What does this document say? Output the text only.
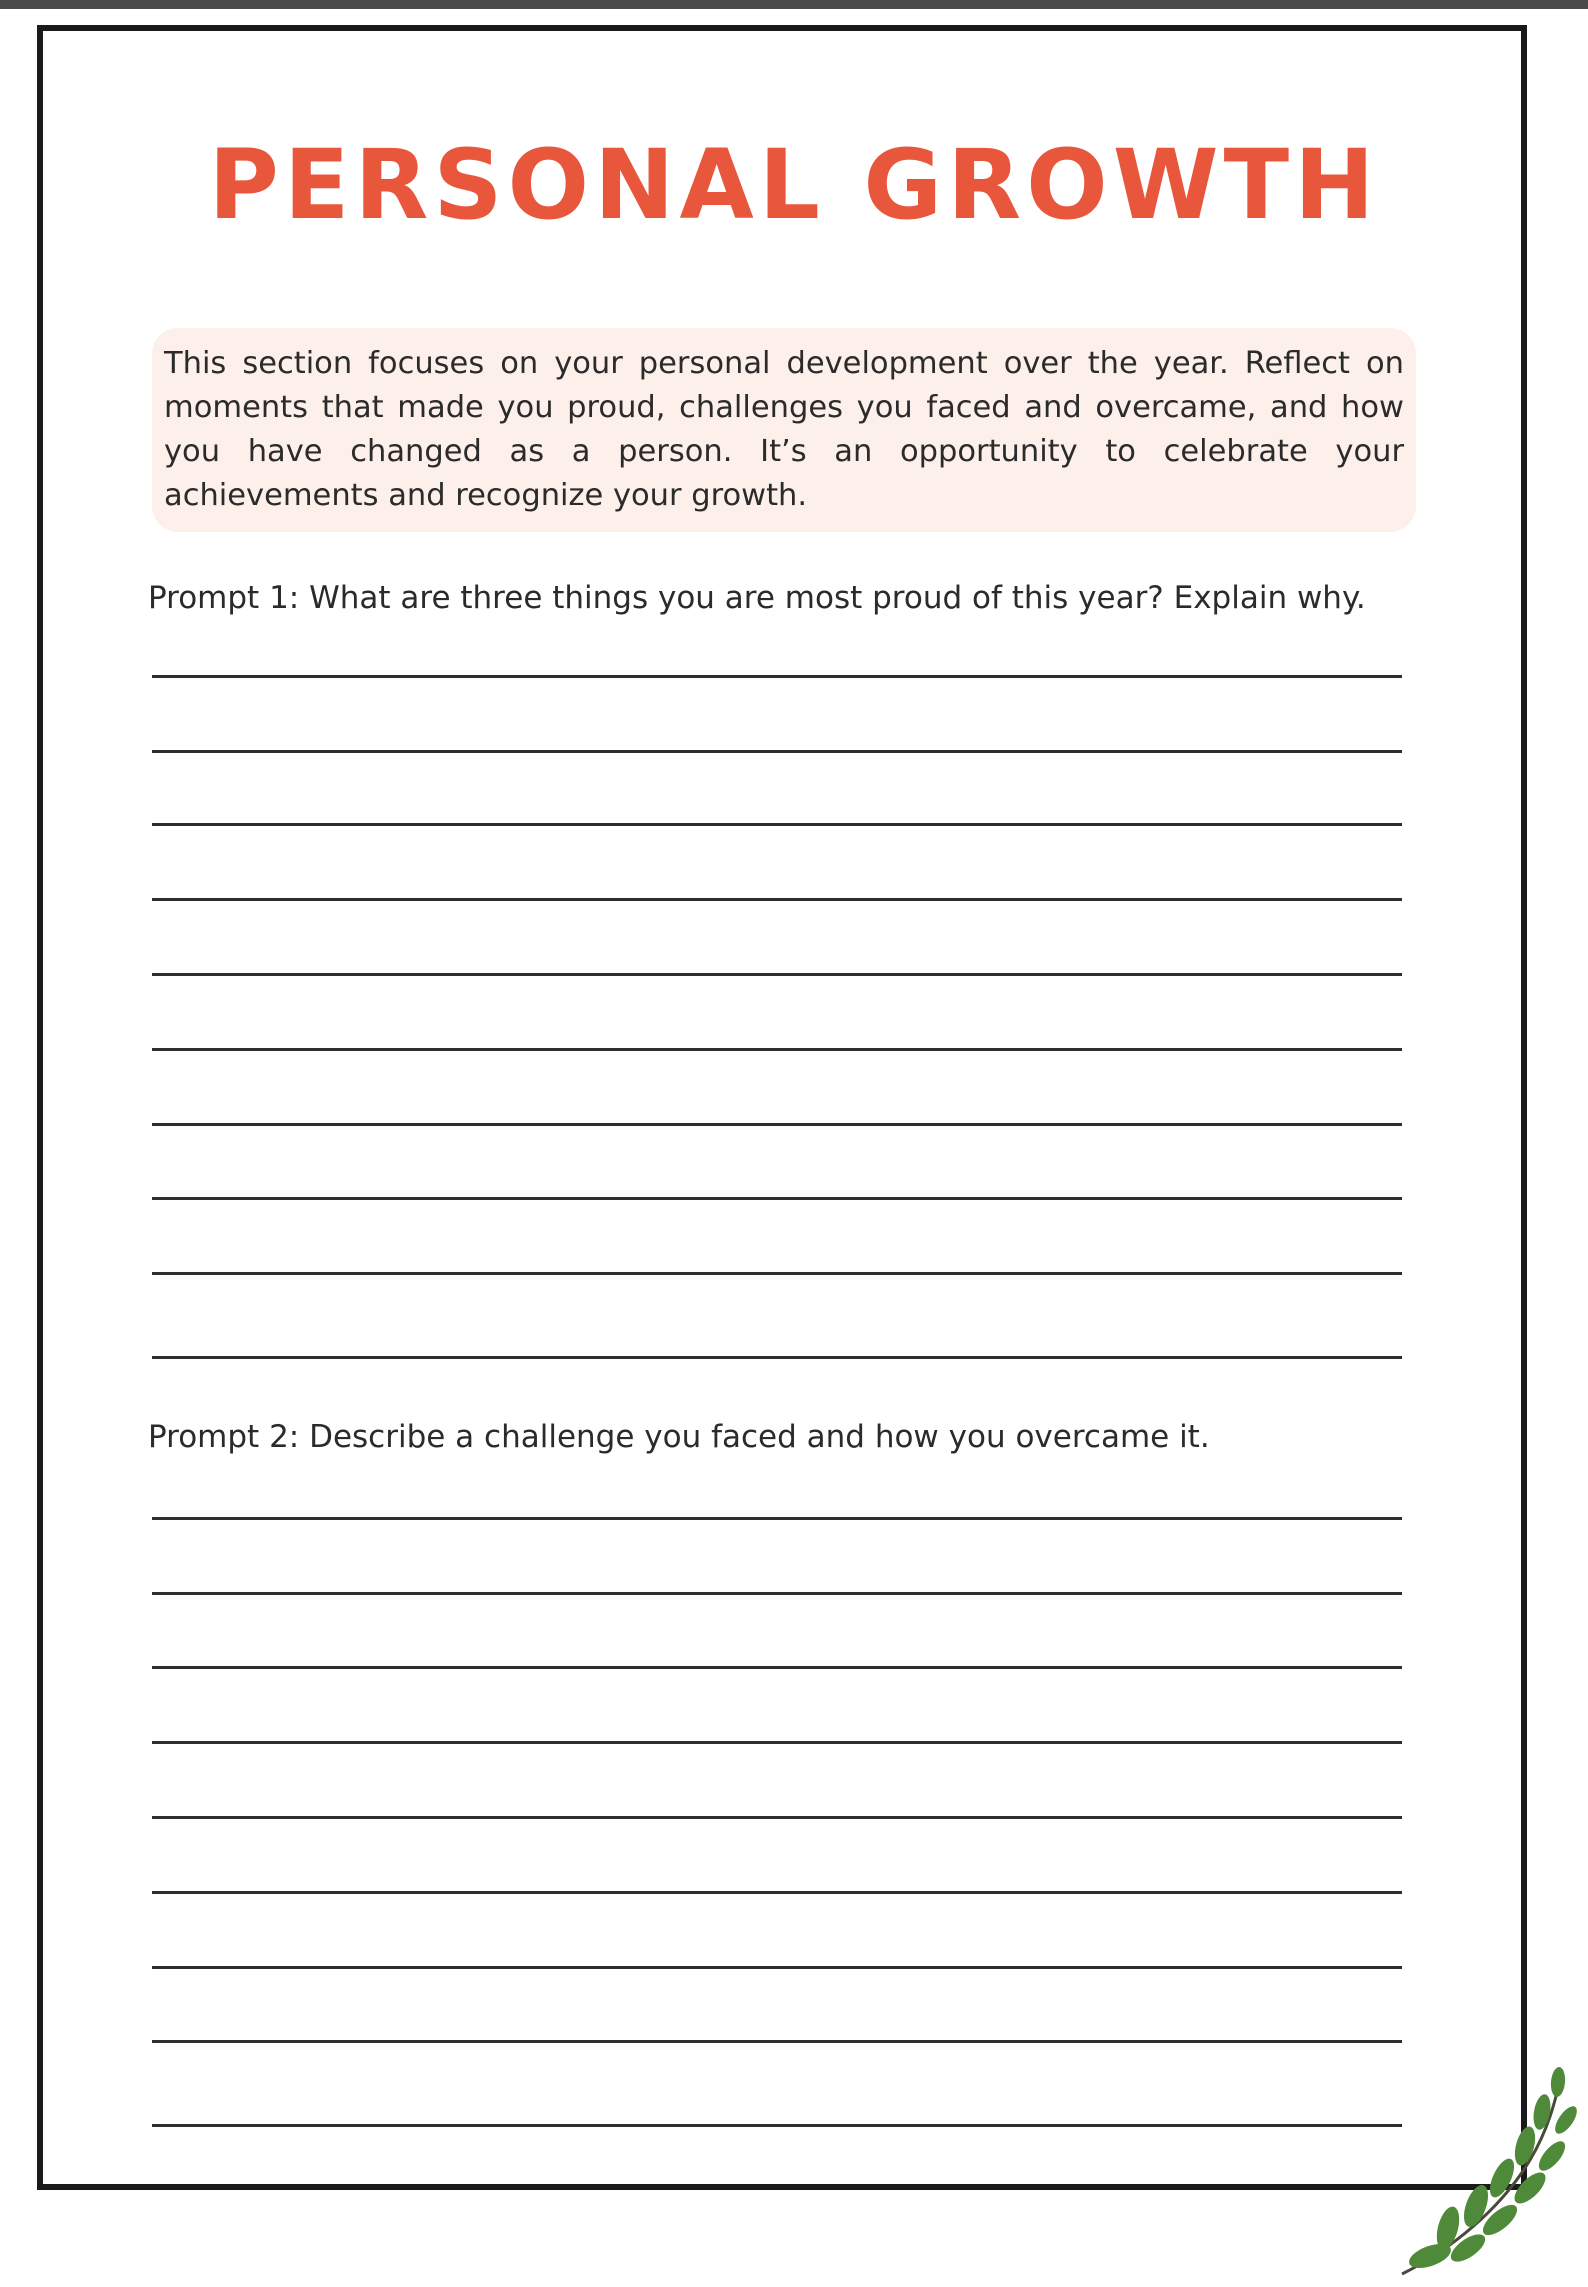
PERSONAL GROWTH

This section focuses on your personal development over the year. Reflect on moments that made you proud, challenges you faced and overcame, and how you have changed as a person. It’s an opportunity to celebrate your achievements and recognize your growth.

Prompt 1: What are three things you are most proud of this year? Explain why.

Prompt 2: Describe a challenge you faced and how you overcame it.
